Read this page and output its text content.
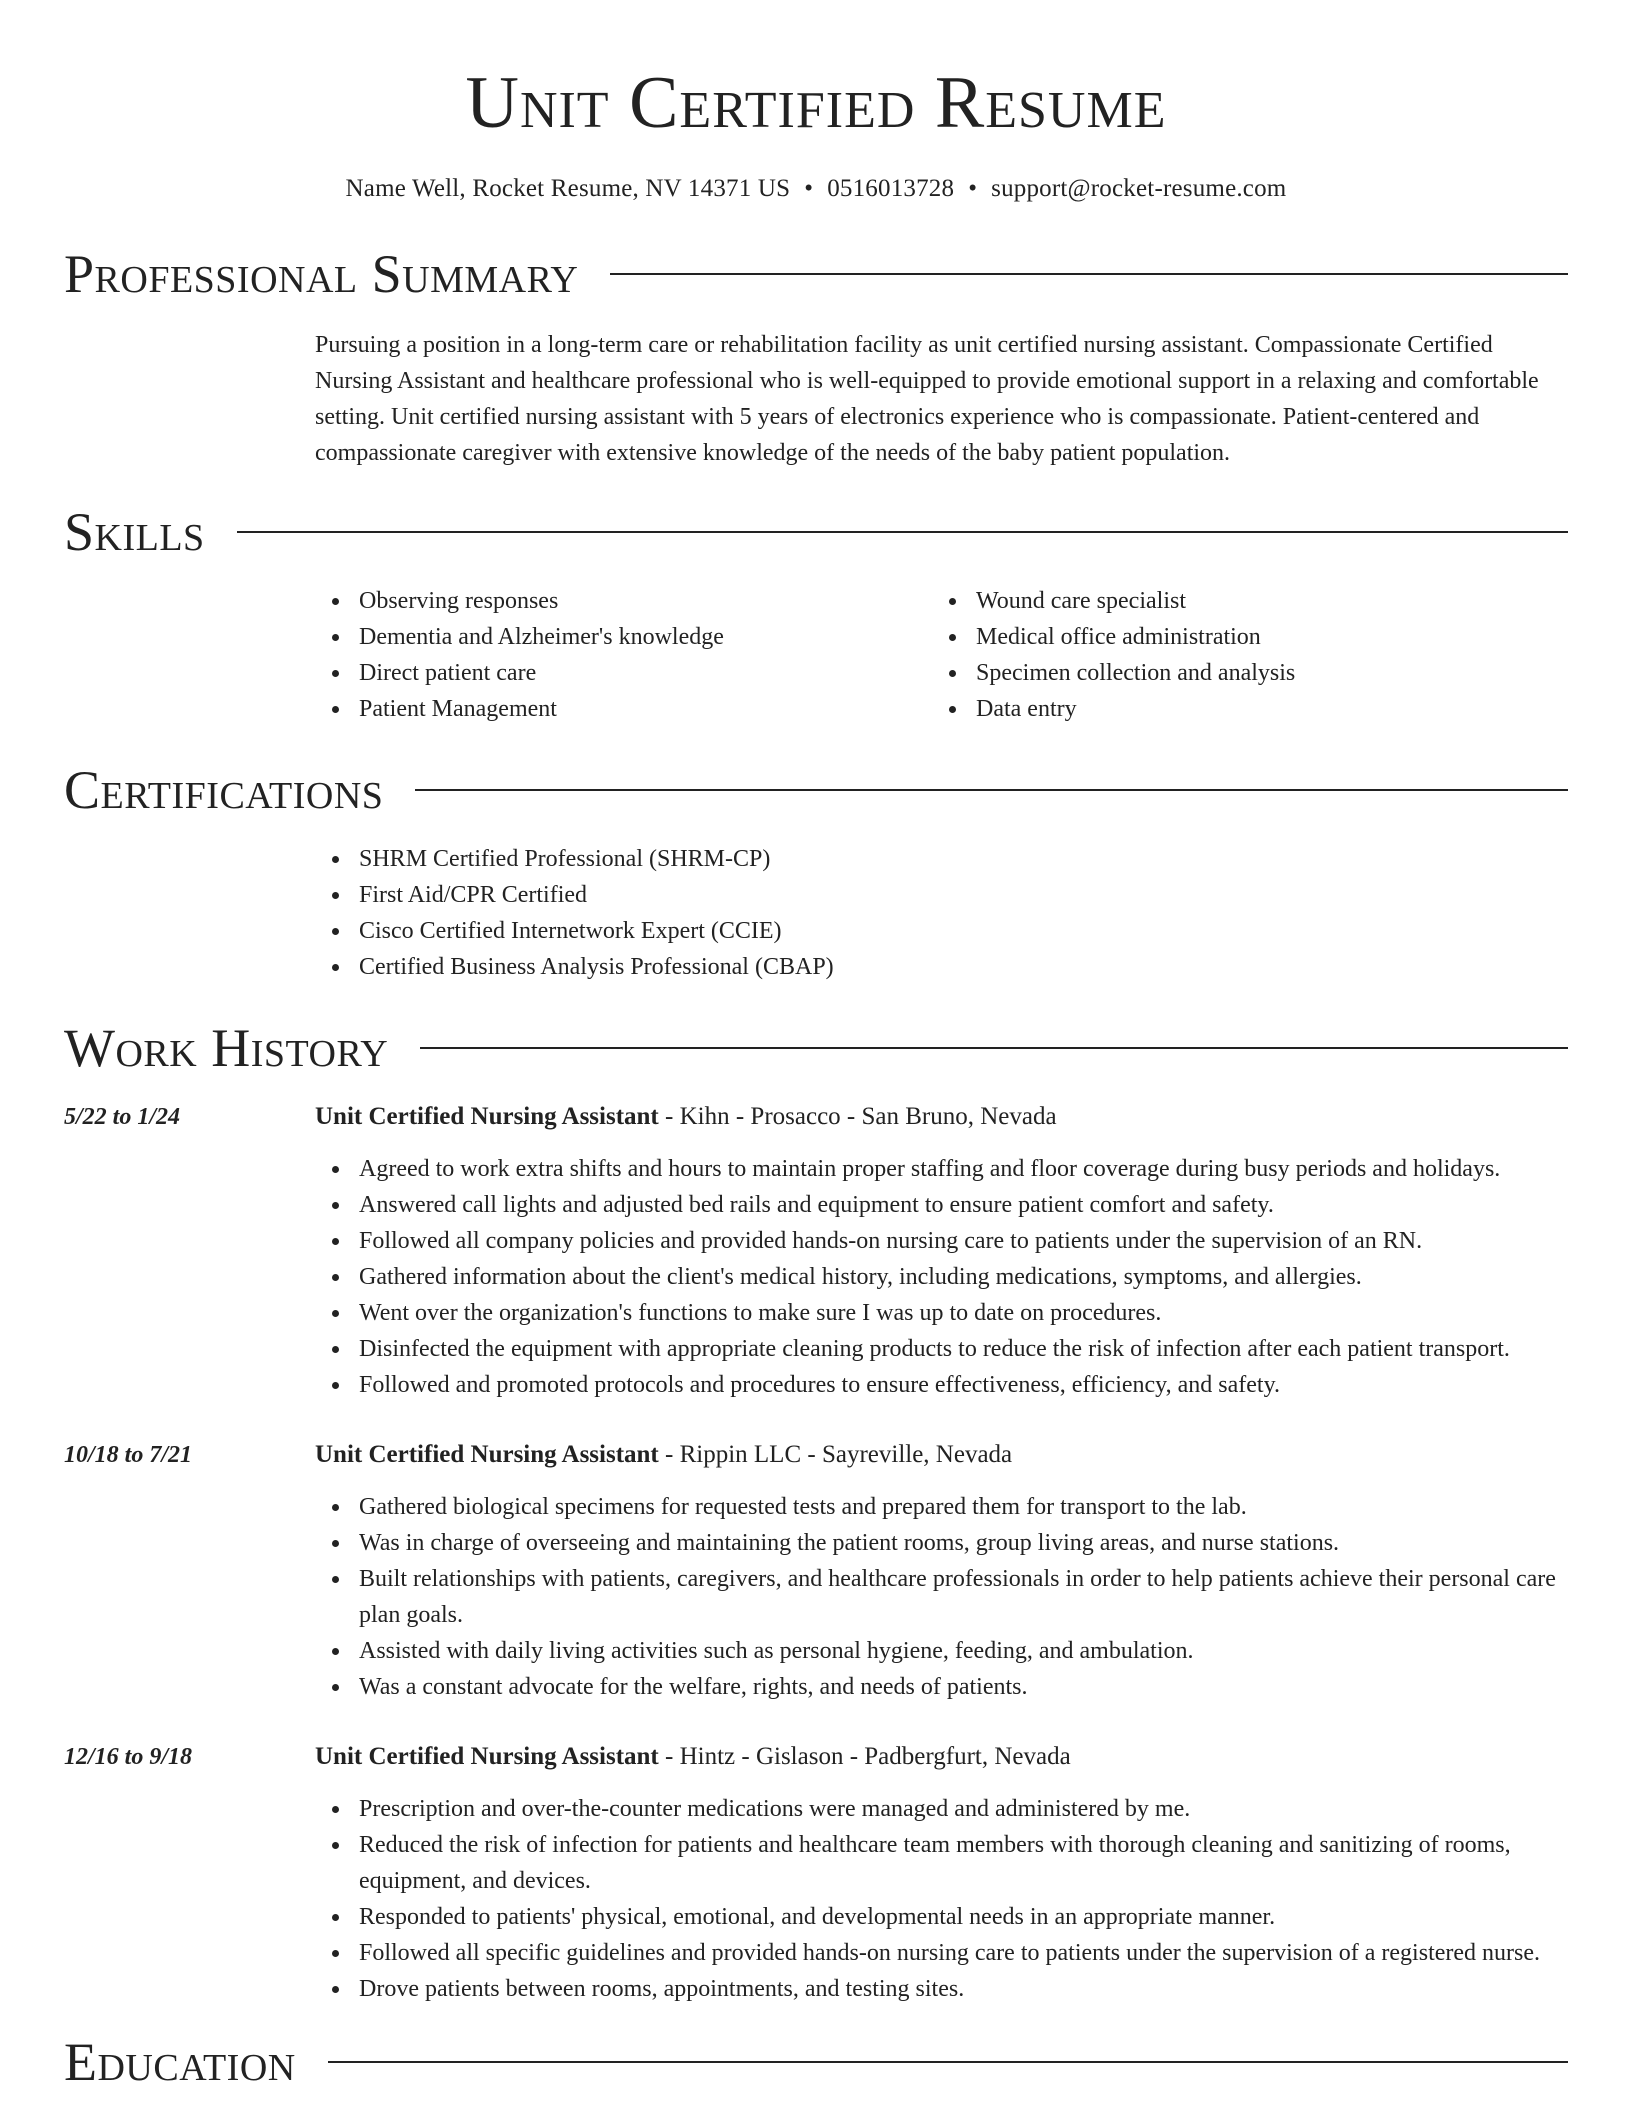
Unit Certified Resume
Name Well, Rocket Resume, NV 14371 US • 0516013728 • support@rocket-resume.com
Professional Summary
Pursuing a position in a long-term care or rehabilitation facility as unit certified nursing assistant. Compassionate Certified Nursing Assistant and healthcare professional who is well-equipped to provide emotional support in a relaxing and comfortable setting. Unit certified nursing assistant with 5 years of electronics experience who is compassionate. Patient-centered and compassionate caregiver with extensive knowledge of the needs of the baby patient population.
Skills
Observing responses
Dementia and Alzheimer's knowledge
Direct patient care
Patient Management
Wound care specialist
Medical office administration
Specimen collection and analysis
Data entry
Certifications
SHRM Certified Professional (SHRM-CP)
First Aid/CPR Certified
Cisco Certified Internetwork Expert (CCIE)
Certified Business Analysis Professional (CBAP)
Work History
5/22 to 1/24	Unit Certified Nursing Assistant - Kihn - Prosacco - San Bruno, Nevada
Agreed to work extra shifts and hours to maintain proper staffing and floor coverage during busy periods and holidays.
Answered call lights and adjusted bed rails and equipment to ensure patient comfort and safety.
Followed all company policies and provided hands-on nursing care to patients under the supervision of an RN.
Gathered information about the client's medical history, including medications, symptoms, and allergies.
Went over the organization's functions to make sure I was up to date on procedures.
Disinfected the equipment with appropriate cleaning products to reduce the risk of infection after each patient transport.
Followed and promoted protocols and procedures to ensure effectiveness, efficiency, and safety.
10/18 to 7/21	Unit Certified Nursing Assistant - Rippin LLC - Sayreville, Nevada
Gathered biological specimens for requested tests and prepared them for transport to the lab.
Was in charge of overseeing and maintaining the patient rooms, group living areas, and nurse stations.
Built relationships with patients, caregivers, and healthcare professionals in order to help patients achieve their personal care plan goals.
Assisted with daily living activities such as personal hygiene, feeding, and ambulation.
Was a constant advocate for the welfare, rights, and needs of patients.
12/16 to 9/18	Unit Certified Nursing Assistant - Hintz - Gislason - Padbergfurt, Nevada
Prescription and over-the-counter medications were managed and administered by me.
Reduced the risk of infection for patients and healthcare team members with thorough cleaning and sanitizing of rooms, equipment, and devices.
Responded to patients' physical, emotional, and developmental needs in an appropriate manner.
Followed all specific guidelines and provided hands-on nursing care to patients under the supervision of a registered nurse.
Drove patients between rooms, appointments, and testing sites.
Education
